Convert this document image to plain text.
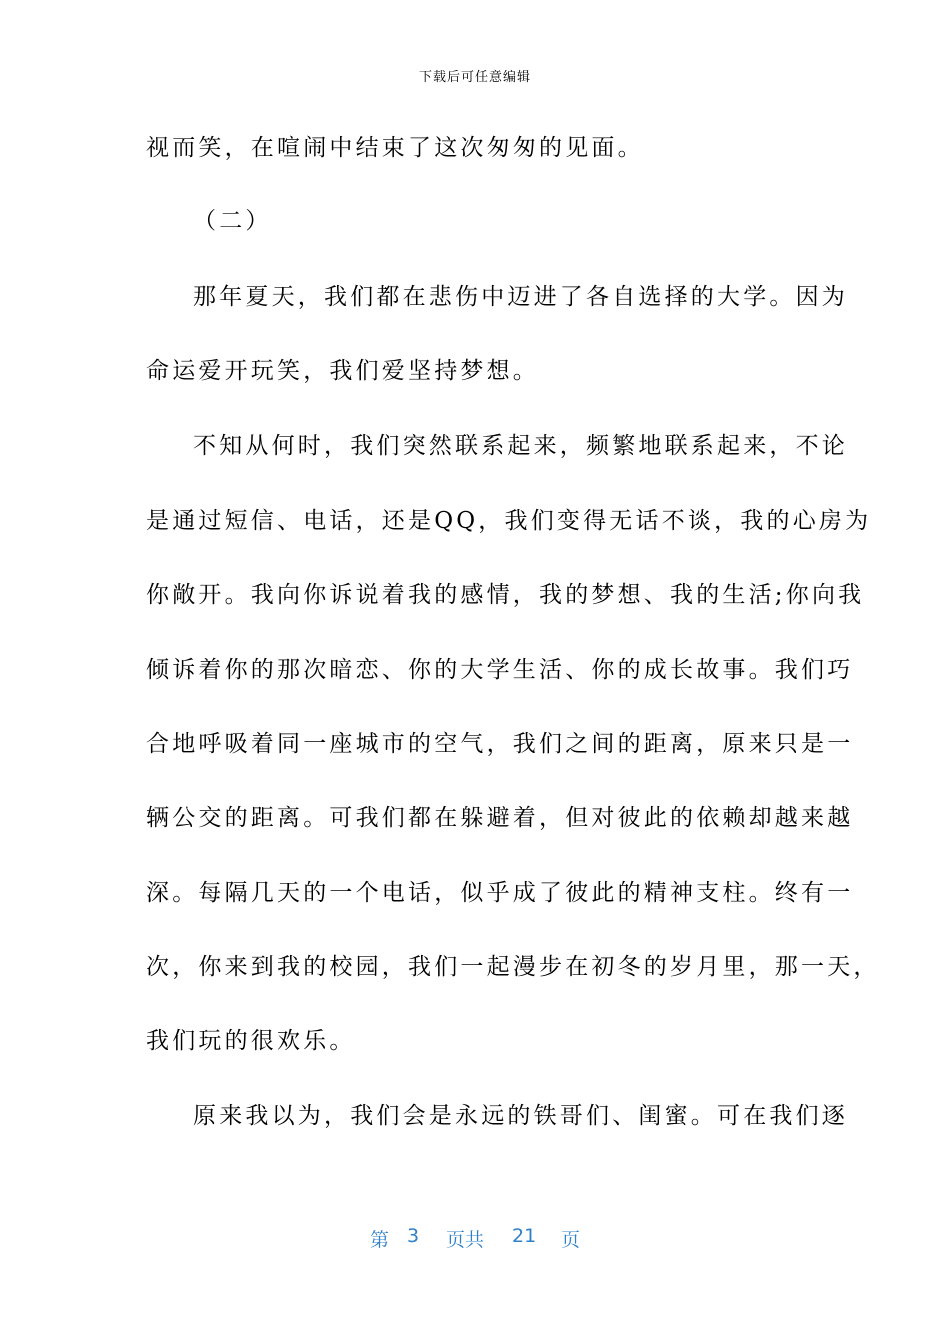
下载后可任意编辑
视而笑，在喧闹中结束了这次匆匆的见面。
（二）
那年夏天，我们都在悲伤中迈进了各自选择的大学。因为
命运爱开玩笑，我们爱坚持梦想。
不知从何时，我们突然联系起来，频繁地联系起来，不论
是通过短信、电话，还是QQ，我们变得无话不谈，我的心房为
你敞开。我向你诉说着我的感情，我的梦想、我的生活;你向我
倾诉着你的那次暗恋、你的大学生活、你的成长故事。我们巧
合地呼吸着同一座城市的空气，我们之间的距离，原来只是一
辆公交的距离。可我们都在躲避着，但对彼此的依赖却越来越
深。每隔几天的一个电话，似乎成了彼此的精神支柱。终有一
次，你来到我的校园，我们一起漫步在初冬的岁月里，那一天，
我们玩的很欢乐。
原来我以为，我们会是永远的铁哥们、闺蜜。可在我们逐
第 3 页共 21 页
